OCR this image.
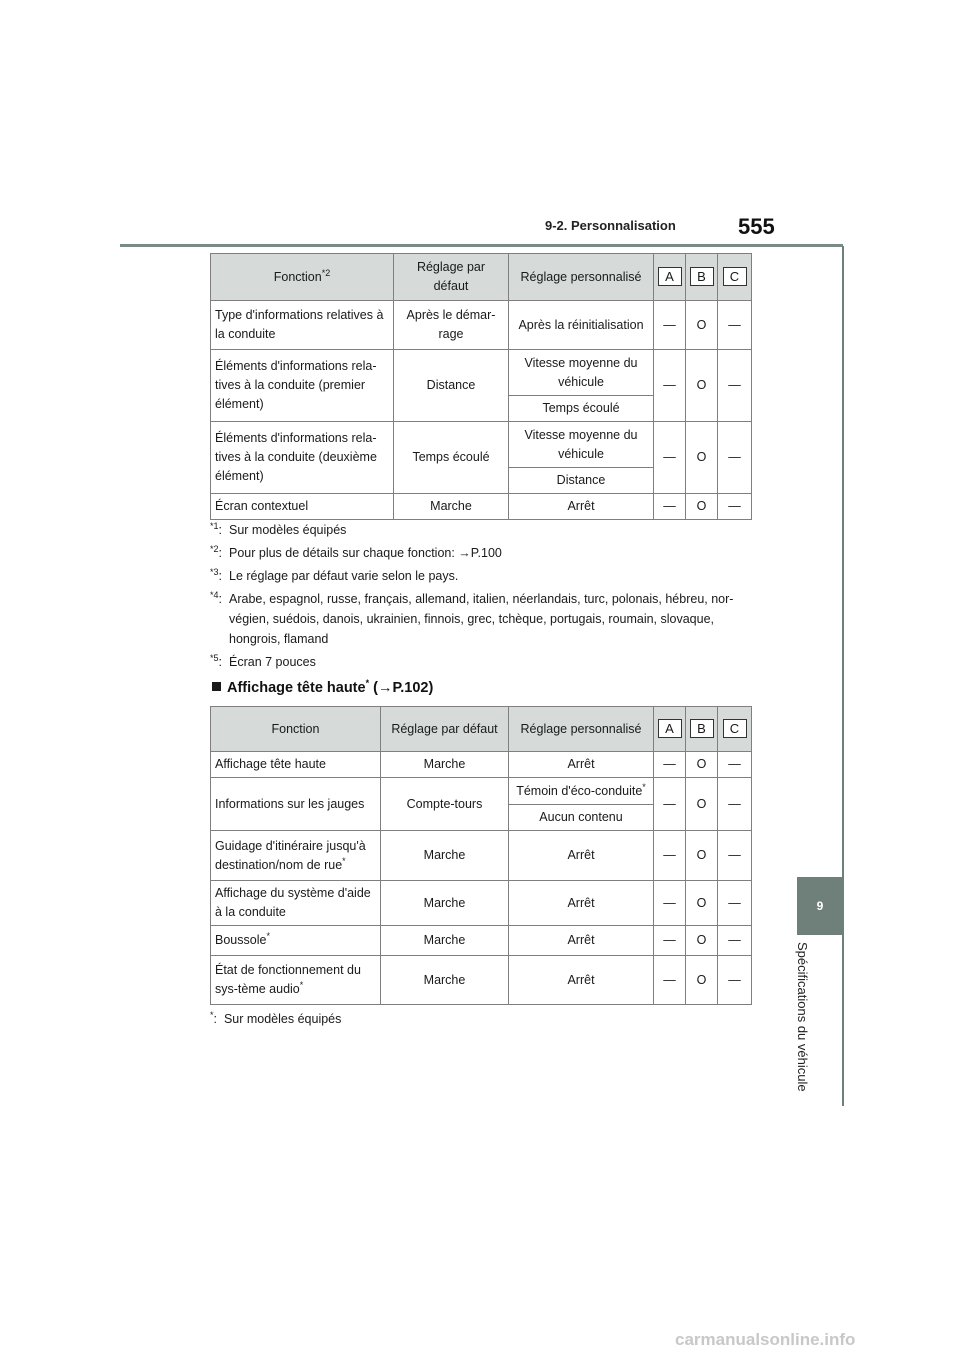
9-2. Personnalisation	555
9
Spécifications du véhicule
Fonction$^{*2}$	Réglage par défaut	Réglage personnalisé	A	B	C
Type d'informations relatives à la conduite	Après le démar-rage	Après la réinitialisation	—	O	—
Éléments d'informations rela-tives à la conduite (premier élément)	Distance	Vitesse moyenne du véhicule	—	O	—
		Temps écoulé			
Éléments d'informations rela-tives à la conduite (deuxième élément)	Temps écoulé	Vitesse moyenne du véhicule	—	O	—
		Distance			
Écran contextuel	Marche	Arrêt	—	O	—
$^{*1}$: Sur modèles équipés
$^{*2}$: Pour plus de détails sur chaque fonction: →P.100
$^{*3}$: Le réglage par défaut varie selon le pays.
$^{*4}$: Arabe, espagnol, russe, français, allemand, italien, néerlandais, turc, polonais, hébreu, nor-végien, suédois, danois, ukrainien, finnois, grec, tchèque, portugais, roumain, slovaque, hongrois, flamand
$^{*5}$: Écran 7 pouces
Affichage tête haute* (→P.102)
Fonction	Réglage par défaut	Réglage personnalisé	A	B	C
Affichage tête haute	Marche	Arrêt	—	O	—
Informations sur les jauges	Compte-tours	Témoin d'éco-conduite*	—	O	—
		Aucun contenu			
Guidage d'itinéraire jusqu'à destination/nom de rue*	Marche	Arrêt	—	O	—
Affichage du système d'aide à la conduite	Marche	Arrêt	—	O	—
Boussole*	Marche	Arrêt	—	O	—
État de fonctionnement du sys-tème audio*	Marche	Arrêt	—	O	—
*:  Sur modèles équipés
carmanualsonline.info
